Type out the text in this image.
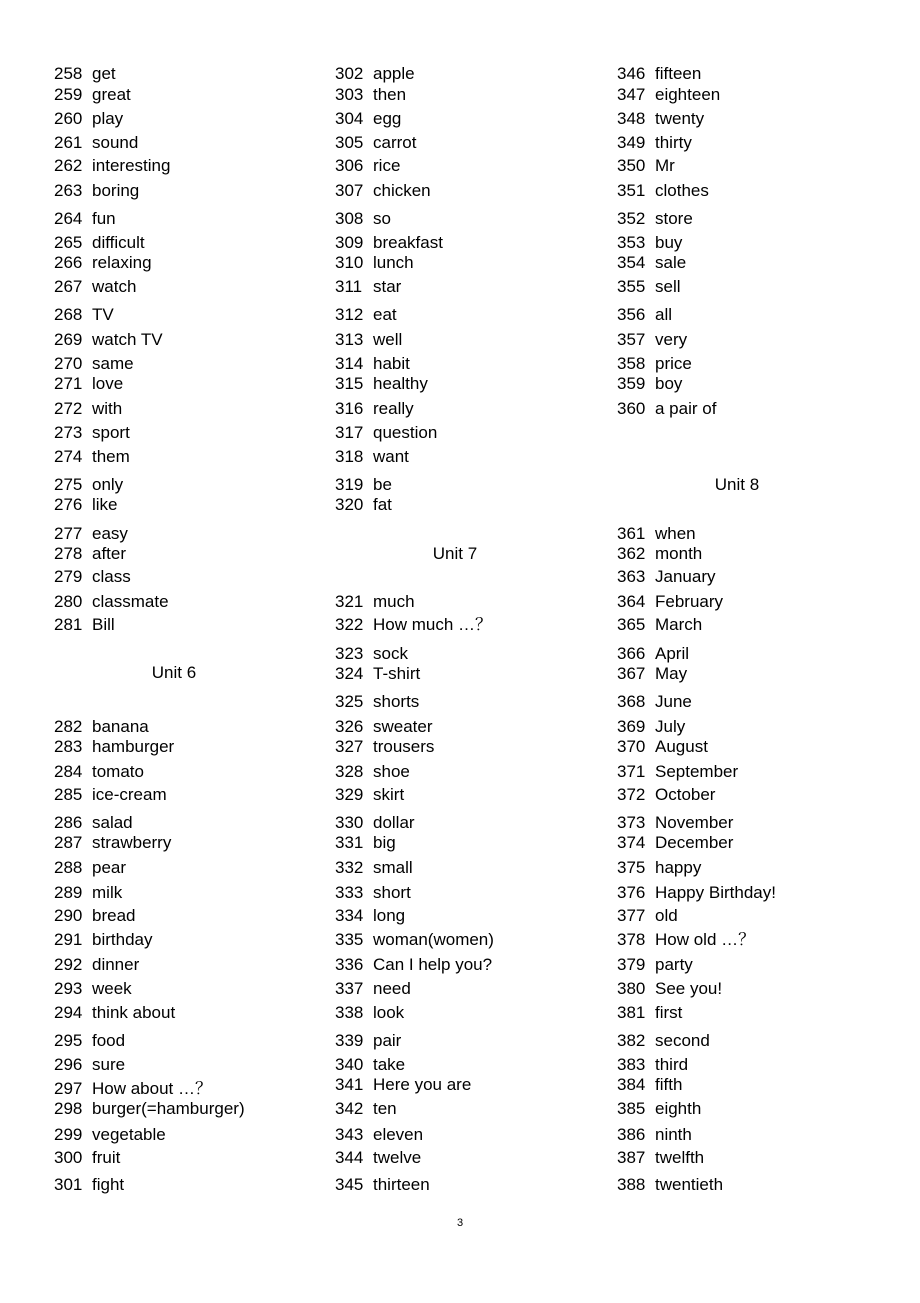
258 get
259 great
260 play
261 sound
262 interesting
263 boring
264 fun
265 difficult
266 relaxing
267 watch
268 TV
269 watch TV
270 same
271 love
272 with
273 sport
274 them
275 only
276 like
277 easy
278 after
279 class
280 classmate
281 Bill
Unit 6
282 banana
283 hamburger
284 tomato
285 ice-cream
286 salad
287 strawberry
288 pear
289 milk
290 bread
291 birthday
292 dinner
293 week
294 think about
295 food
296 sure
297 How about …？
298 burger(=hamburger)
299 vegetable
300 fruit
301 fight
302 apple
303 then
304 egg
305 carrot
306 rice
307 chicken
308 so
309 breakfast
310 lunch
311 star
312 eat
313 well
314 habit
315 healthy
316 really
317 question
318 want
319 be
320 fat
Unit 7
321 much
322 How much …？
323 sock
324 T-shirt
325 shorts
326 sweater
327 trousers
328 shoe
329 skirt
330 dollar
331 big
332 small
333 short
334 long
335 woman(women)
336 Can I help you?
337 need
338 look
339 pair
340 take
341 Here you are
342 ten
343 eleven
344 twelve
345 thirteen
346 fifteen
347 eighteen
348 twenty
349 thirty
350 Mr
351 clothes
352 store
353 buy
354 sale
355 sell
356 all
357 very
358 price
359 boy
360 a pair of
Unit 8
361 when
362 month
363 January
364 February
365 March
366 April
367 May
368 June
369 July
370 August
371 September
372 October
373 November
374 December
375 happy
376 Happy Birthday!
377 old
378 How old …？
379 party
380 See you!
381 first
382 second
383 third
384 fifth
385 eighth
386 ninth
387 twelfth
388 twentieth
3
